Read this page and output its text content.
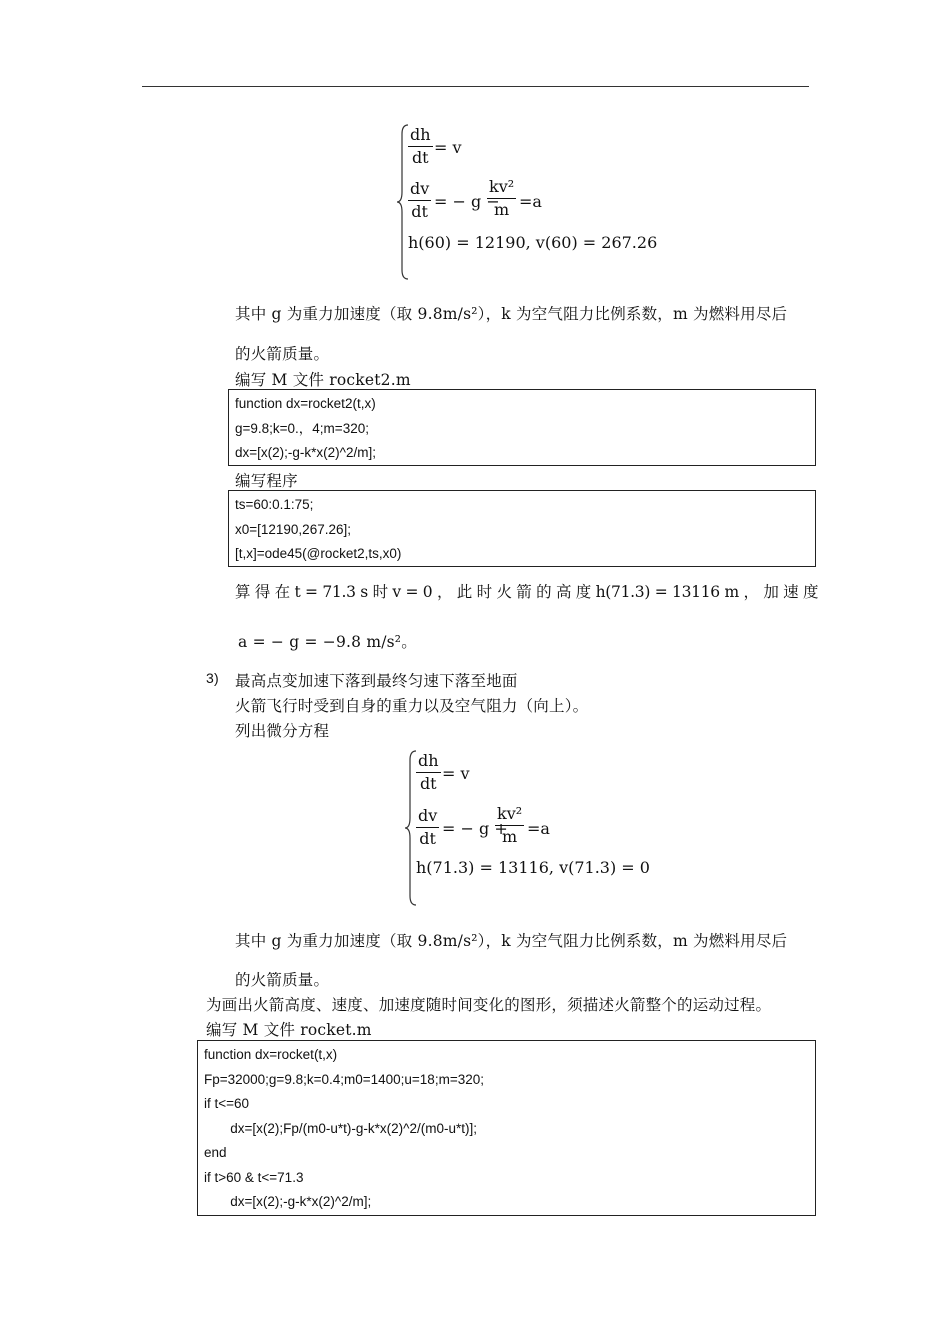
dh
dt
= v
dv
dt
= − g −
kv²
m =a
h(60) = 12190, v(60) = 267.26
其中 g 为重力加速度（取 9.8m/s²），k 为空气阻力比例系数，m 为燃料用尽后
的火箭质量。
编写 M 文件 rocket2.m
function dx=rocket2(t,x)
g=9.8;k=0.，4;m=320;
dx=[x(2);-g-k*x(2)^2/m];
编写程序
ts=60:0.1:75;
x0=[12190,267.26];
[t,x]=ode45(@rocket2,ts,x0)
算 得 在 t = 71.3 s 时 v = 0 ， 此 时 火 箭 的 高 度 h(71.3) = 13116 m ， 加 速 度
a = − g = −9.8 m/s²。
3) 最高点变加速下落到最终匀速下落至地面
火箭飞行时受到自身的重力以及空气阻力（向上）。
列出微分方程
dh
dt
= v
dv
dt
= − g +
kv²
m =a
h(71.3) = 13116, v(71.3) = 0
其中 g 为重力加速度（取 9.8m/s²），k 为空气阻力比例系数，m 为燃料用尽后
的火箭质量。
为画出火箭高度、速度、加速度随时间变化的图形，须描述火箭整个的运动过程。
编写 M 文件 rocket.m
function dx=rocket(t,x)
Fp=32000;g=9.8;k=0.4;m0=1400;u=18;m=320;
if t<=60
dx=[x(2);Fp/(m0-u*t)-g-k*x(2)^2/(m0-u*t)];
end
if t>60 & t<=71.3
dx=[x(2);-g-k*x(2)^2/m];
